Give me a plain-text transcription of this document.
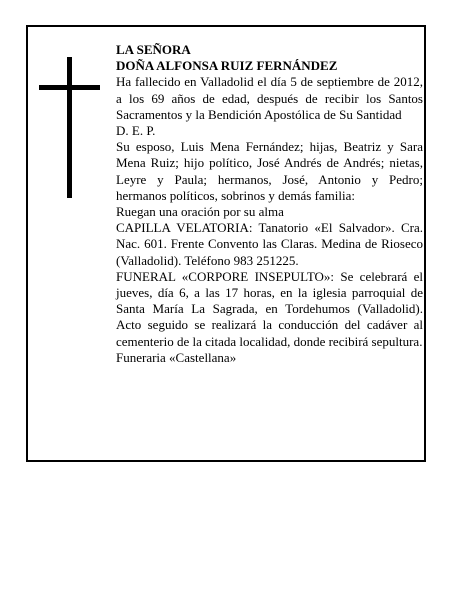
LA SEÑORA

DOÑA ALFONSA RUIZ FERNÁNDEZ

Ha fallecido en Valladolid el día 5 de septiembre de 2012, a los 69 años de edad, después de recibir los Santos Sacramentos y la Bendición Apostólica de Su Santidad

D. E. P.

Su esposo, Luis Mena Fernández; hijas, Beatriz y Sara Mena Ruiz; hijo político, José Andrés de Andrés; nietas, Leyre y Paula; hermanos, José, Antonio y Pedro; hermanos políticos, sobrinos y demás familia:

Ruegan una oración por su alma

CAPILLA VELATORIA: Tanatorio «El Salvador». Cra. Nac. 601. Frente Convento las Claras. Medina de Rioseco (Valladolid). Teléfono 983 251225.

FUNERAL «CORPORE INSEPULTO»: Se celebrará el jueves, día 6, a las 17 horas, en la iglesia parroquial de Santa María La Sagrada, en Tordehumos (Valladolid). Acto seguido se realizará la conducción del cadáver al cementerio de la citada localidad, donde recibirá sepultura.

Funeraria «Castellana»
